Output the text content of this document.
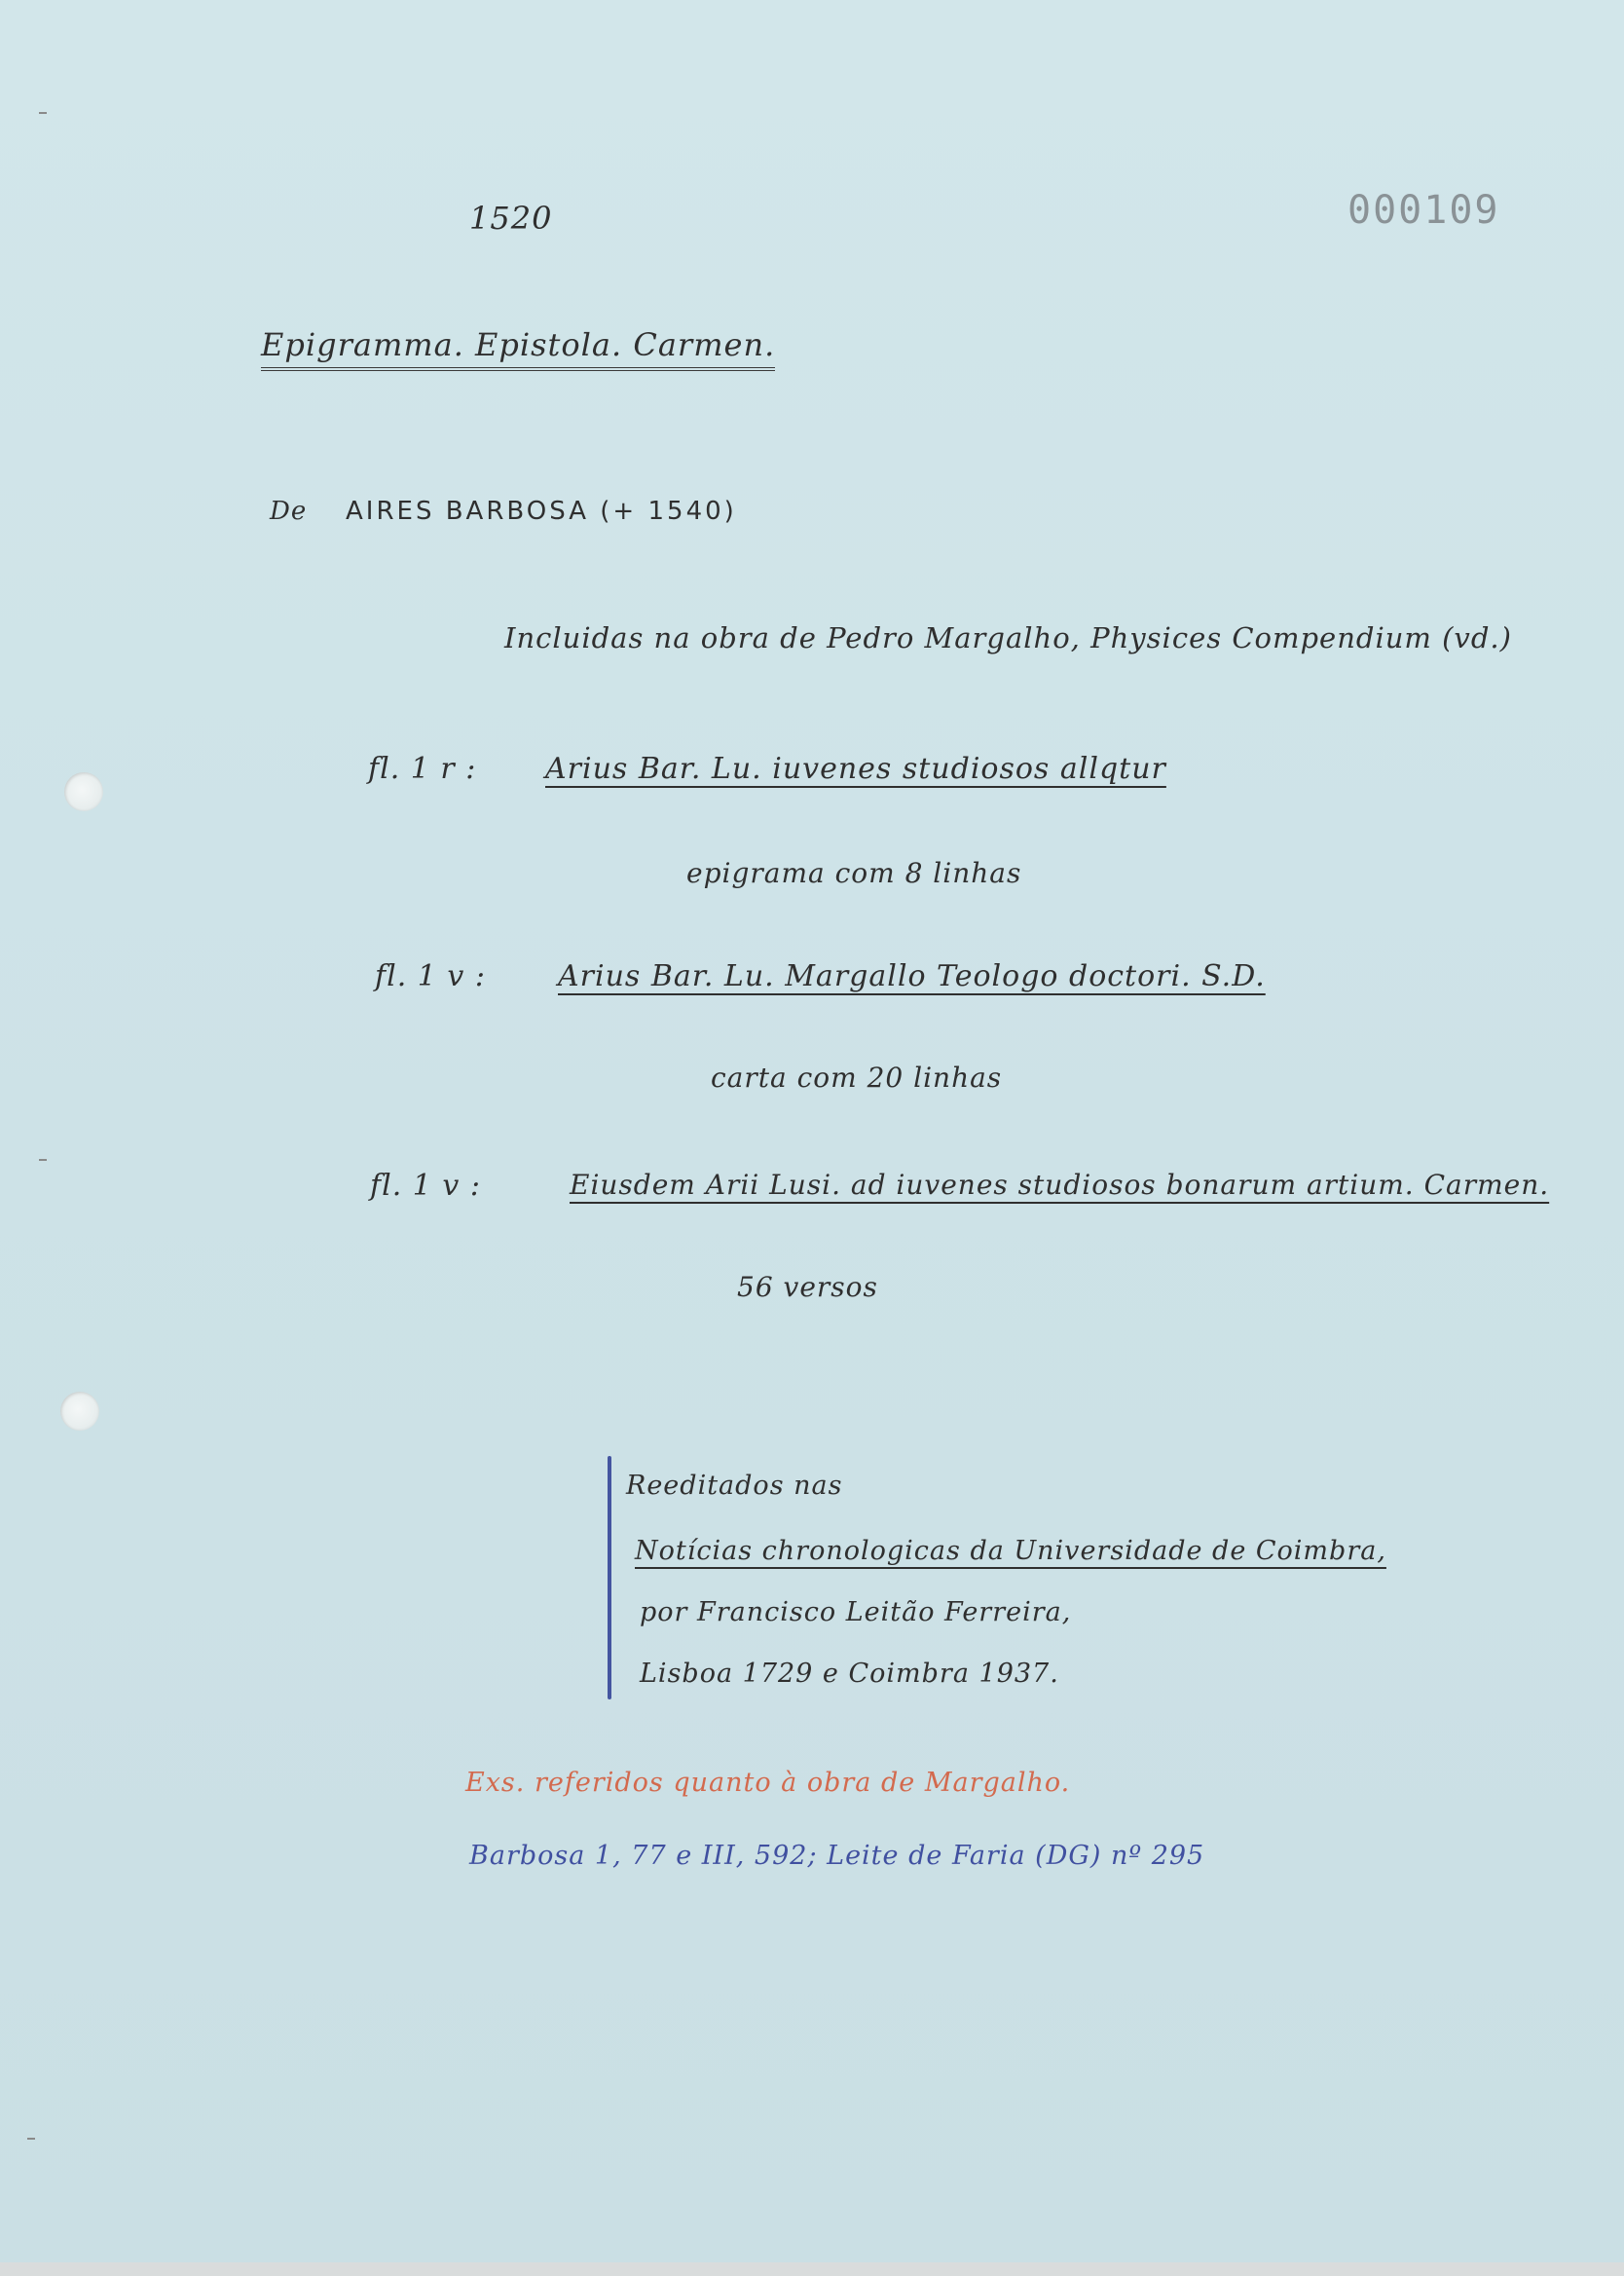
1520	000109
Epigramma. Epistola. Carmen.
De AIRES BARBOSA (+ 1540)
Incluidas na obra de Pedro Margalho, Physices Compendium (vd.)
fl. 1 r : Arius Bar. Lu. iuvenes studiosos allqtur
epigrama com 8 linhas
fl. 1 v : Arius Bar. Lu. Margallo Teologo doctori. S.D.
carta com 20 linhas
fl. 1 v :	Eiusdem Arii Lusi. ad iuvenes studiosos bonarum artium. Carmen.
56 versos
Reeditados nas
Notícias chronologicas da Universidade de Coimbra,
por Francisco Leitão Ferreira,
Lisboa 1729 e Coimbra 1937.
Exs. referidos quanto à obra de Margalho.
Barbosa 1, 77 e III, 592; Leite de Faria (DG) nº 295
